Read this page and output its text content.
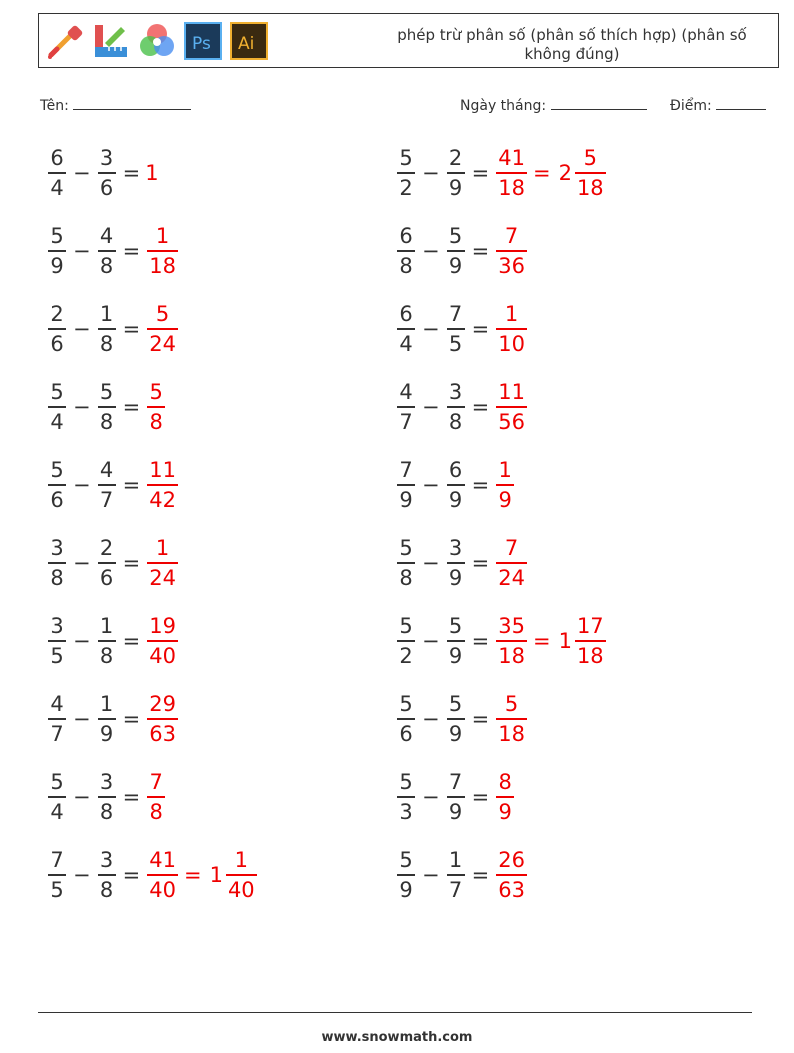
Ps Ai	phép trừ phân số (phân số thích hợp) (phân số không đúng)
Tên:	Ngày tháng:	Điểm:
$\frac{6}{4} - \frac{3}{6} = 1$
$\frac{5}{9} - \frac{4}{8} = \frac{1}{18}$
$\frac{2}{6} - \frac{1}{8} = \frac{5}{24}$
$\frac{5}{4} - \frac{5}{8} = \frac{5}{8}$
$\frac{5}{6} - \frac{4}{7} = \frac{11}{42}$
$\frac{3}{8} - \frac{2}{6} = \frac{1}{24}$
$\frac{3}{5} - \frac{1}{8} = \frac{19}{40}$
$\frac{4}{7} - \frac{1}{9} = \frac{29}{63}$
$\frac{5}{4} - \frac{3}{8} = \frac{7}{8}$
$\frac{7}{5} - \frac{3}{8} = \frac{41}{40} = 1 \frac{1}{40}$
$\frac{5}{2} - \frac{2}{9} = \frac{41}{18} = 2 \frac{5}{18}$
$\frac{6}{8} - \frac{5}{9} = \frac{7}{36}$
$\frac{6}{4} - \frac{7}{5} = \frac{1}{10}$
$\frac{4}{7} - \frac{3}{8} = \frac{11}{56}$
$\frac{7}{9} - \frac{6}{9} = \frac{1}{9}$
$\frac{5}{8} - \frac{3}{9} = \frac{7}{24}$
$\frac{5}{2} - \frac{5}{9} = \frac{35}{18} = 1 \frac{17}{18}$
$\frac{5}{6} - \frac{5}{9} = \frac{5}{18}$
$\frac{5}{3} - \frac{7}{9} = \frac{8}{9}$
$\frac{5}{9} - \frac{1}{7} = \frac{26}{63}$
www.snowmath.com
